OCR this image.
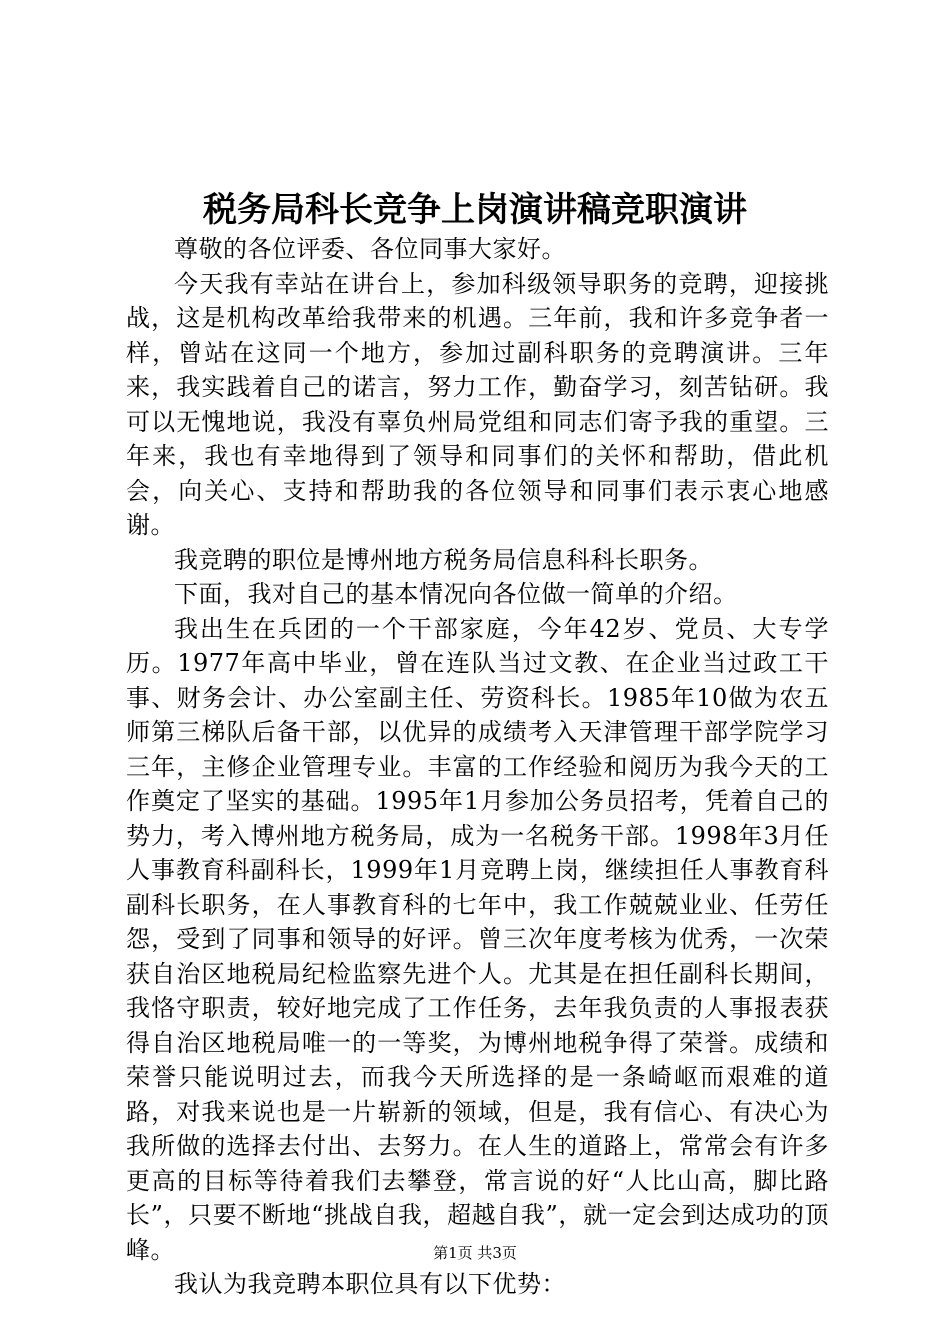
税务局科长竞争上岗演讲稿竞职演讲

尊敬的各位评委、各位同事大家好。

今天我有幸站在讲台上，参加科级领导职务的竞聘，迎接挑战，这是机构改革给我带来的机遇。三年前，我和许多竞争者一样，曾站在这同一个地方，参加过副科职务的竞聘演讲。三年来，我实践着自己的诺言，努力工作，勤奋学习，刻苦钻研。我可以无愧地说，我没有辜负州局党组和同志们寄予我的重望。三年来，我也有幸地得到了领导和同事们的关怀和帮助，借此机会，向关心、支持和帮助我的各位领导和同事们表示衷心地感谢。

我竞聘的职位是博州地方税务局信息科科长职务。

下面，我对自己的基本情况向各位做一简单的介绍。

我出生在兵团的一个干部家庭，今年42岁、党员、大专学历。1977年高中毕业，曾在连队当过文教、在企业当过政工干事、财务会计、办公室副主任、劳资科长。1985年10做为农五师第三梯队后备干部，以优异的成绩考入天津管理干部学院学习三年，主修企业管理专业。丰富的工作经验和阅历为我今天的工作奠定了坚实的基础。1995年1月参加公务员招考，凭着自己的势力，考入博州地方税务局，成为一名税务干部。1998年3月任人事教育科副科长，1999年1月竞聘上岗，继续担任人事教育科副科长职务，在人事教育科的七年中，我工作兢兢业业、任劳任怨，受到了同事和领导的好评。曾三次年度考核为优秀，一次荣获自治区地税局纪检监察先进个人。尤其是在担任副科长期间，我恪守职责，较好地完成了工作任务，去年我负责的人事报表获得自治区地税局唯一的一等奖，为博州地税争得了荣誉。成绩和荣誉只能说明过去，而我今天所选择的是一条崎岖而艰难的道路，对我来说也是一片崭新的领域，但是，我有信心、有决心为我所做的选择去付出、去努力。在人生的道路上，常常会有许多更高的目标等待着我们去攀登，常言说的好“人比山高，脚比路长”，只要不断地“挑战自我，超越自我”，就一定会到达成功的顶峰。

我认为我竞聘本职位具有以下优势：

第1页 共3页
